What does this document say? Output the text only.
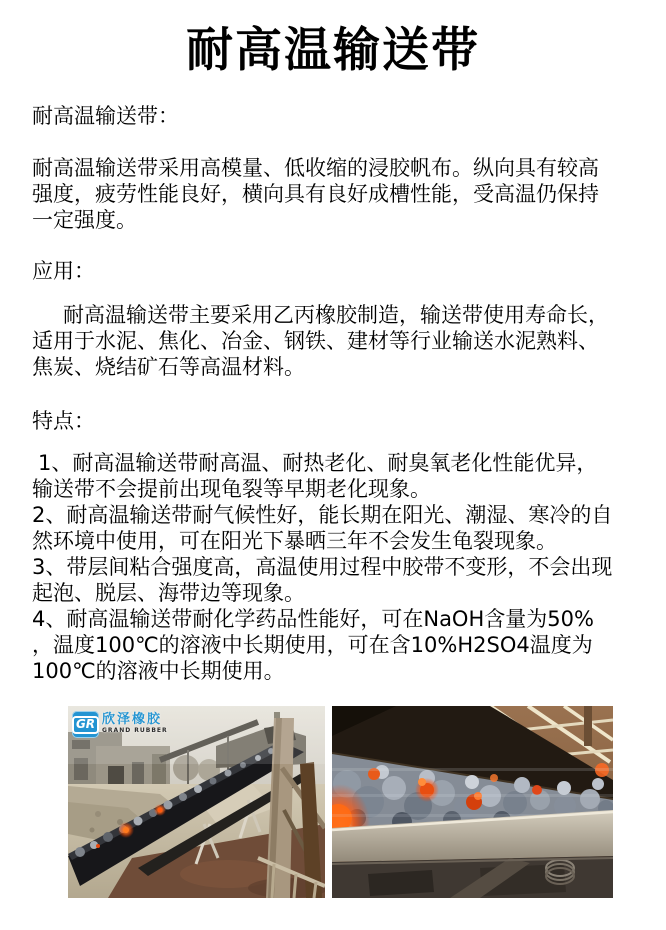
耐高温输送带
耐高温输送带：
耐高温输送带采用高模量、低收缩的浸胶帆布。纵向具有较高
强度，疲劳性能良好，横向具有良好成槽性能，受高温仍保持
一定强度。
应用：
耐高温输送带主要采用乙丙橡胶制造，输送带使用寿命长，
适用于水泥、焦化、冶金、钢铁、建材等行业输送水泥熟料、
焦炭、烧结矿石等高温材料。
特点：
1、耐高温输送带耐高温、耐热老化、耐臭氧老化性能优异，
输送带不会提前出现龟裂等早期老化现象。
2、耐高温输送带耐气候性好，能长期在阳光、潮湿、寒冷的自
然环境中使用，可在阳光下暴晒三年不会发生龟裂现象。
3、带层间粘合强度高，高温使用过程中胶带不变形，不会出现
起泡、脱层、海带边等现象。
4、耐高温输送带耐化学药品性能好，可在NaOH含量为50%
，温度100℃的溶液中长期使用，可在含10%H2SO4温度为
100℃的溶液中长期使用。
GR 欣泽橡胶
GRAND RUBBER
